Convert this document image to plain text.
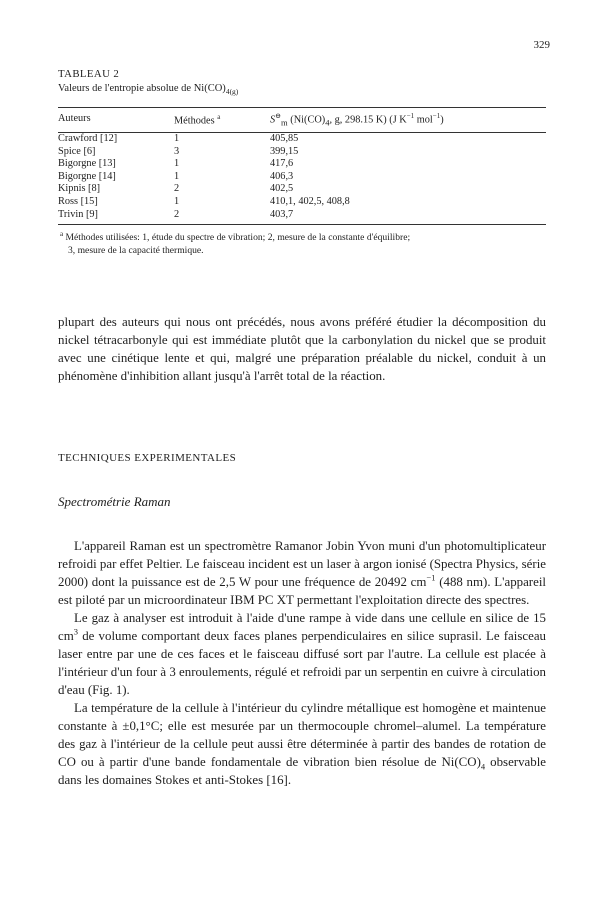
329
TABLEAU 2
Valeurs de l'entropie absolue de $Ni(CO)_{4(g)}$
Auteurs	Méthodes $^a$	$S^⊖_m$ ($Ni(CO)_4$, g, 298.15 K) (J $K^{-1}$ mol$^{-1}$)
Crawford [12]	1	405,85
Spice [6]	3	399,15
Bigorgne [13]	1	417,6
Bigorgne [14]	1	406,3
Kipnis [8]	2	402,5
Ross [15]	1	410,1, 402,5, 408,8
Trivin [9]	2	403,7
$^a$ Méthodes utilisées: 1, étude du spectre de vibration; 2, mesure de la constante d'équilibre;
3, mesure de la capacité thermique.

plupart des auteurs qui nous ont précédés, nous avons préféré étudier la décomposition du nickel tétracarbonyle qui est immédiate plutôt que la carbonylation du nickel que se produit avec une cinétique lente et qui, malgré une préparation préalable du nickel, conduit à un phénomène d'inhibition allant jusqu'à l'arrêt total de la réaction.

TECHNIQUES EXPERIMENTALES
Spectrométrie Raman

L'appareil Raman est un spectromètre Ramanor Jobin Yvon muni d'un photomultiplicateur refroidi par effet Peltier. Le faisceau incident est un laser à argon ionisé (Spectra Physics, série 2000) dont la puissance est de 2,5 W pour une fréquence de 20492 $cm^{-1}$ (488 nm). L'appareil est piloté par un microordinateur IBM PC XT permettant l'exploitation directe des spectres.

Le gaz à analyser est introduit à l'aide d'une rampe à vide dans une cellule en silice de 15 $cm^3$ de volume comportant deux faces planes perpendiculaires en silice suprasil. Le faisceau laser entre par une de ces faces et le faisceau diffusé sort par l'autre. La cellule est placée à l'intérieur d'un four à 3 enroulements, régulé et refroidi par un serpentin en cuivre à circulation d'eau (Fig. 1).

La température de la cellule à l'intérieur du cylindre métallique est homogène et maintenue constante à ±0,1°C; elle est mesurée par un thermocouple chromel–alumel. La température des gaz à l'intérieur de la cellule peut aussi être déterminée à partir des bandes de rotation de CO ou à partir d'une bande fondamentale de vibration bien résolue de $Ni(CO)_4$ observable dans les domaines Stokes et anti-Stokes [16].
